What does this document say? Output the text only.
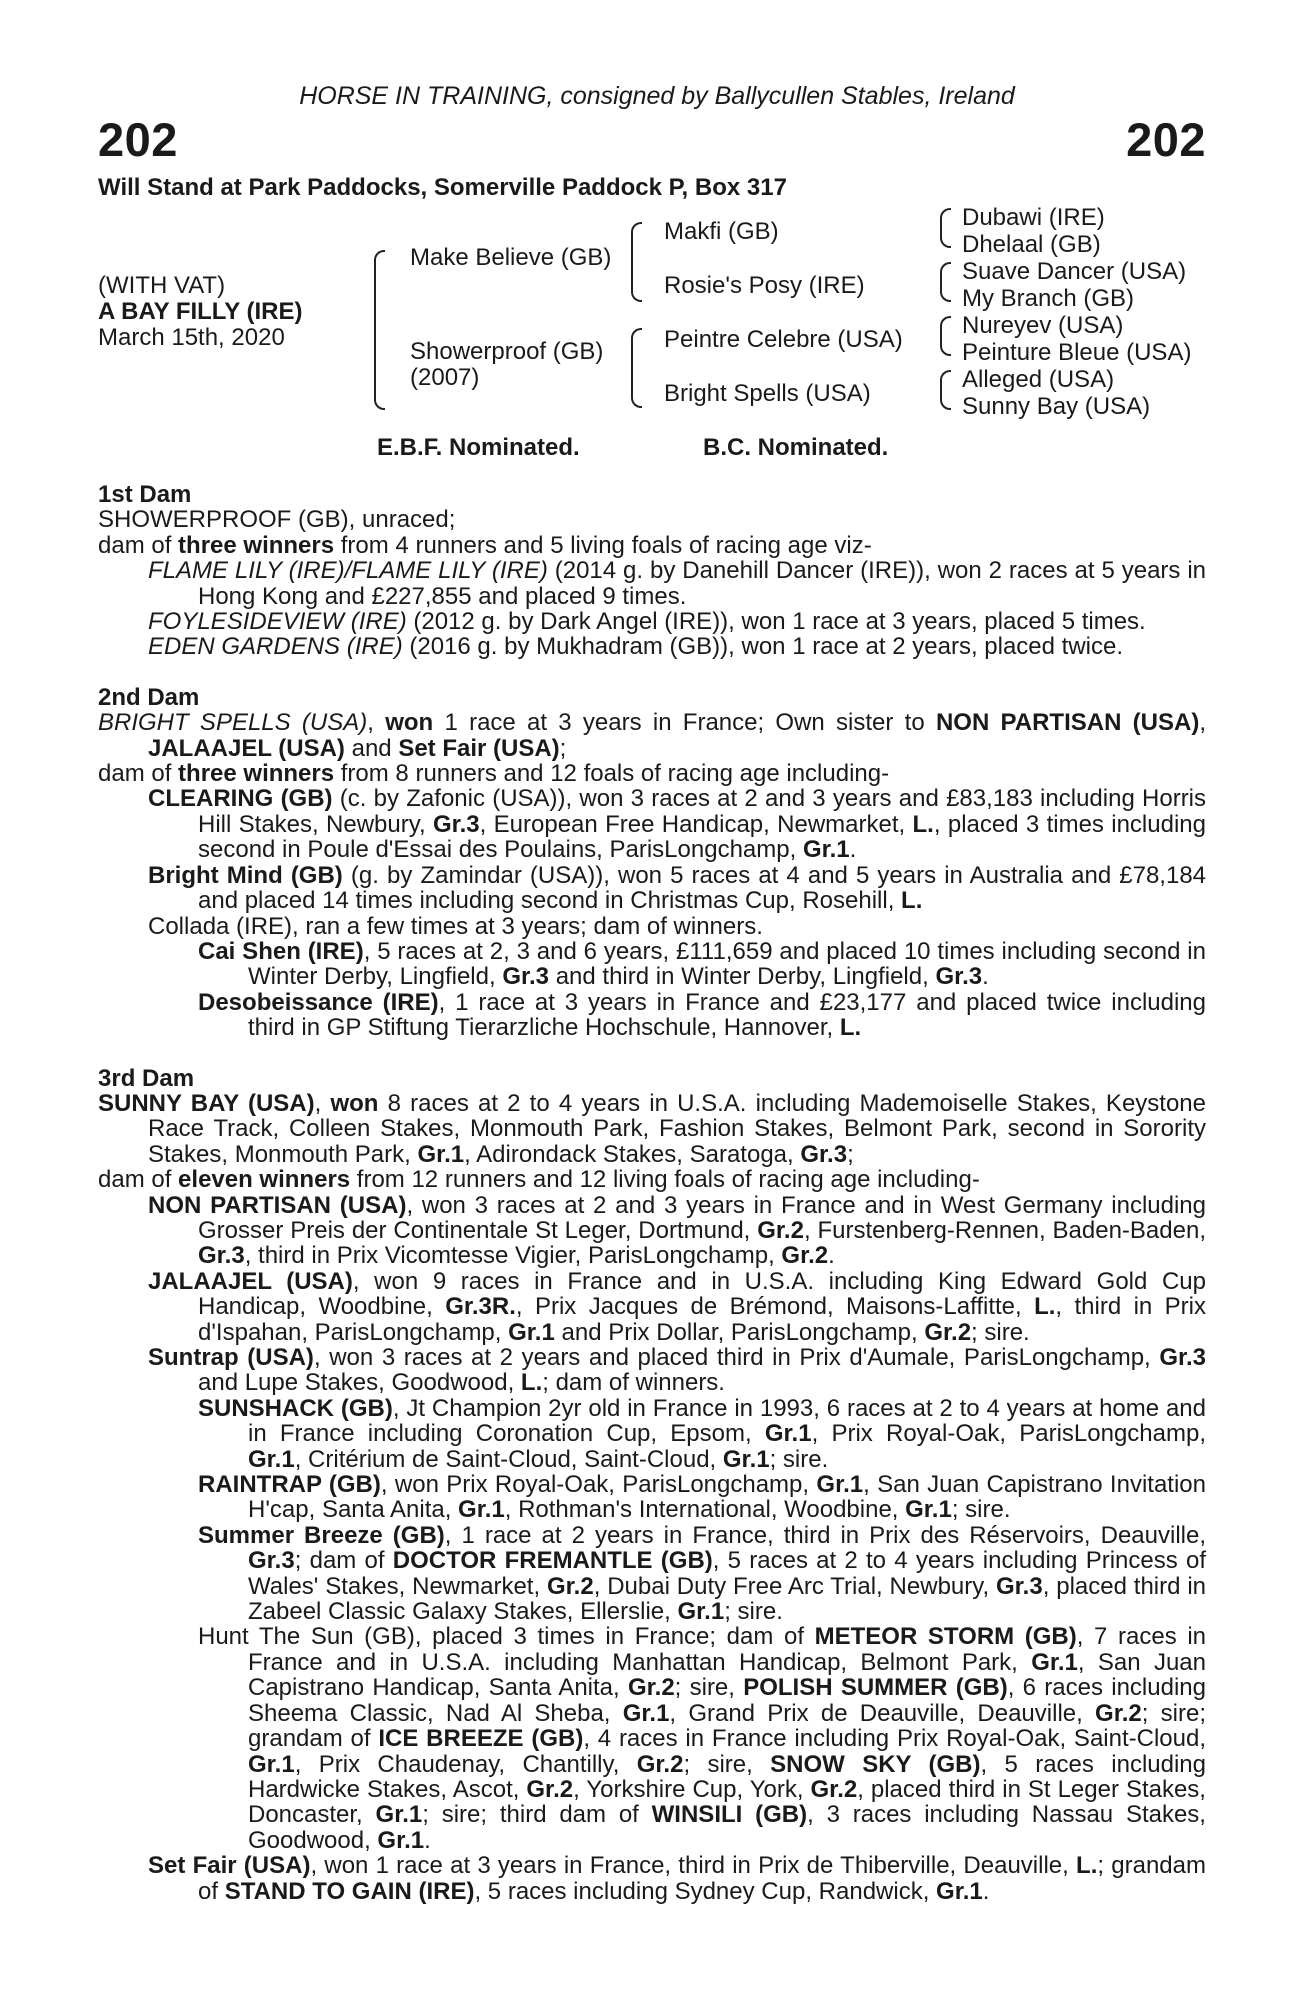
HORSE IN TRAINING, consigned by Ballycullen Stables, Ireland
202	202
Will Stand at Park Paddocks, Somerville Paddock P, Box 317
(WITH VAT)
A BAY FILLY (IRE)
March 15th, 2020
Make Believe (GB)
Showerproof (GB)
(2007)
Makfi (GB)
Rosie's Posy (IRE)
Peintre Celebre (USA)
Bright Spells (USA)
Dubawi (IRE)
Dhelaal (GB)
Suave Dancer (USA)
My Branch (GB)
Nureyev (USA)
Peinture Bleue (USA)
Alleged (USA)
Sunny Bay (USA)
E.B.F. Nominated.	B.C. Nominated.

1st Dam

SHOWERPROOF (GB), unraced;

dam of three winners from 4 runners and 5 living foals of racing age viz-

FLAME LILY (IRE)/FLAME LILY (IRE) (2014 g. by Danehill Dancer (IRE)), won 2 races at 5 years in Hong Kong and £227,855 and placed 9 times.

FOYLESIDEVIEW (IRE) (2012 g. by Dark Angel (IRE)), won 1 race at 3 years, placed 5 times.

EDEN GARDENS (IRE) (2016 g. by Mukhadram (GB)), won 1 race at 2 years, placed twice.

2nd Dam

BRIGHT SPELLS (USA), won 1 race at 3 years in France; Own sister to NON PARTISAN (USA), JALAAJEL (USA) and Set Fair (USA);

dam of three winners from 8 runners and 12 foals of racing age including-

CLEARING (GB) (c. by Zafonic (USA)), won 3 races at 2 and 3 years and £83,183 including Horris Hill Stakes, Newbury, Gr.3, European Free Handicap, Newmarket, L., placed 3 times including second in Poule d'Essai des Poulains, ParisLongchamp, Gr.1.

Bright Mind (GB) (g. by Zamindar (USA)), won 5 races at 4 and 5 years in Australia and £78,184 and placed 14 times including second in Christmas Cup, Rosehill, L.

Collada (IRE), ran a few times at 3 years; dam of winners.

Cai Shen (IRE), 5 races at 2, 3 and 6 years, £111,659 and placed 10 times including second in Winter Derby, Lingfield, Gr.3 and third in Winter Derby, Lingfield, Gr.3.

Desobeissance (IRE), 1 race at 3 years in France and £23,177 and placed twice including third in GP Stiftung Tierarzliche Hochschule, Hannover, L.

3rd Dam

SUNNY BAY (USA), won 8 races at 2 to 4 years in U.S.A. including Mademoiselle Stakes, Keystone Race Track, Colleen Stakes, Monmouth Park, Fashion Stakes, Belmont Park, second in Sorority Stakes, Monmouth Park, Gr.1, Adirondack Stakes, Saratoga, Gr.3;

dam of eleven winners from 12 runners and 12 living foals of racing age including-

NON PARTISAN (USA), won 3 races at 2 and 3 years in France and in West Germany including Grosser Preis der Continentale St Leger, Dortmund, Gr.2, Furstenberg-Rennen, Baden-Baden, Gr.3, third in Prix Vicomtesse Vigier, ParisLongchamp, Gr.2.

JALAAJEL (USA), won 9 races in France and in U.S.A. including King Edward Gold Cup Handicap, Woodbine, Gr.3R., Prix Jacques de Brémond, Maisons-Laffitte, L., third in Prix d'Ispahan, ParisLongchamp, Gr.1 and Prix Dollar, ParisLongchamp, Gr.2; sire.

Suntrap (USA), won 3 races at 2 years and placed third in Prix d'Aumale, ParisLongchamp, Gr.3 and Lupe Stakes, Goodwood, L.; dam of winners.

SUNSHACK (GB), Jt Champion 2yr old in France in 1993, 6 races at 2 to 4 years at home and in France including Coronation Cup, Epsom, Gr.1, Prix Royal-Oak, ParisLongchamp, Gr.1, Critérium de Saint-Cloud, Saint-Cloud, Gr.1; sire.

RAINTRAP (GB), won Prix Royal-Oak, ParisLongchamp, Gr.1, San Juan Capistrano Invitation H'cap, Santa Anita, Gr.1, Rothman's International, Woodbine, Gr.1; sire.

Summer Breeze (GB), 1 race at 2 years in France, third in Prix des Réservoirs, Deauville, Gr.3; dam of DOCTOR FREMANTLE (GB), 5 races at 2 to 4 years including Princess of Wales' Stakes, Newmarket, Gr.2, Dubai Duty Free Arc Trial, Newbury, Gr.3, placed third in Zabeel Classic Galaxy Stakes, Ellerslie, Gr.1; sire.

Hunt The Sun (GB), placed 3 times in France; dam of METEOR STORM (GB), 7 races in France and in U.S.A. including Manhattan Handicap, Belmont Park, Gr.1, San Juan Capistrano Handicap, Santa Anita, Gr.2; sire, POLISH SUMMER (GB), 6 races including Sheema Classic, Nad Al Sheba, Gr.1, Grand Prix de Deauville, Deauville, Gr.2; sire; grandam of ICE BREEZE (GB), 4 races in France including Prix Royal-Oak, Saint-Cloud, Gr.1, Prix Chaudenay, Chantilly, Gr.2; sire, SNOW SKY (GB), 5 races including Hardwicke Stakes, Ascot, Gr.2, Yorkshire Cup, York, Gr.2, placed third in St Leger Stakes, Doncaster, Gr.1; sire; third dam of WINSILI (GB), 3 races including Nassau Stakes, Goodwood, Gr.1.

Set Fair (USA), won 1 race at 3 years in France, third in Prix de Thiberville, Deauville, L.; grandam of STAND TO GAIN (IRE), 5 races including Sydney Cup, Randwick, Gr.1.
